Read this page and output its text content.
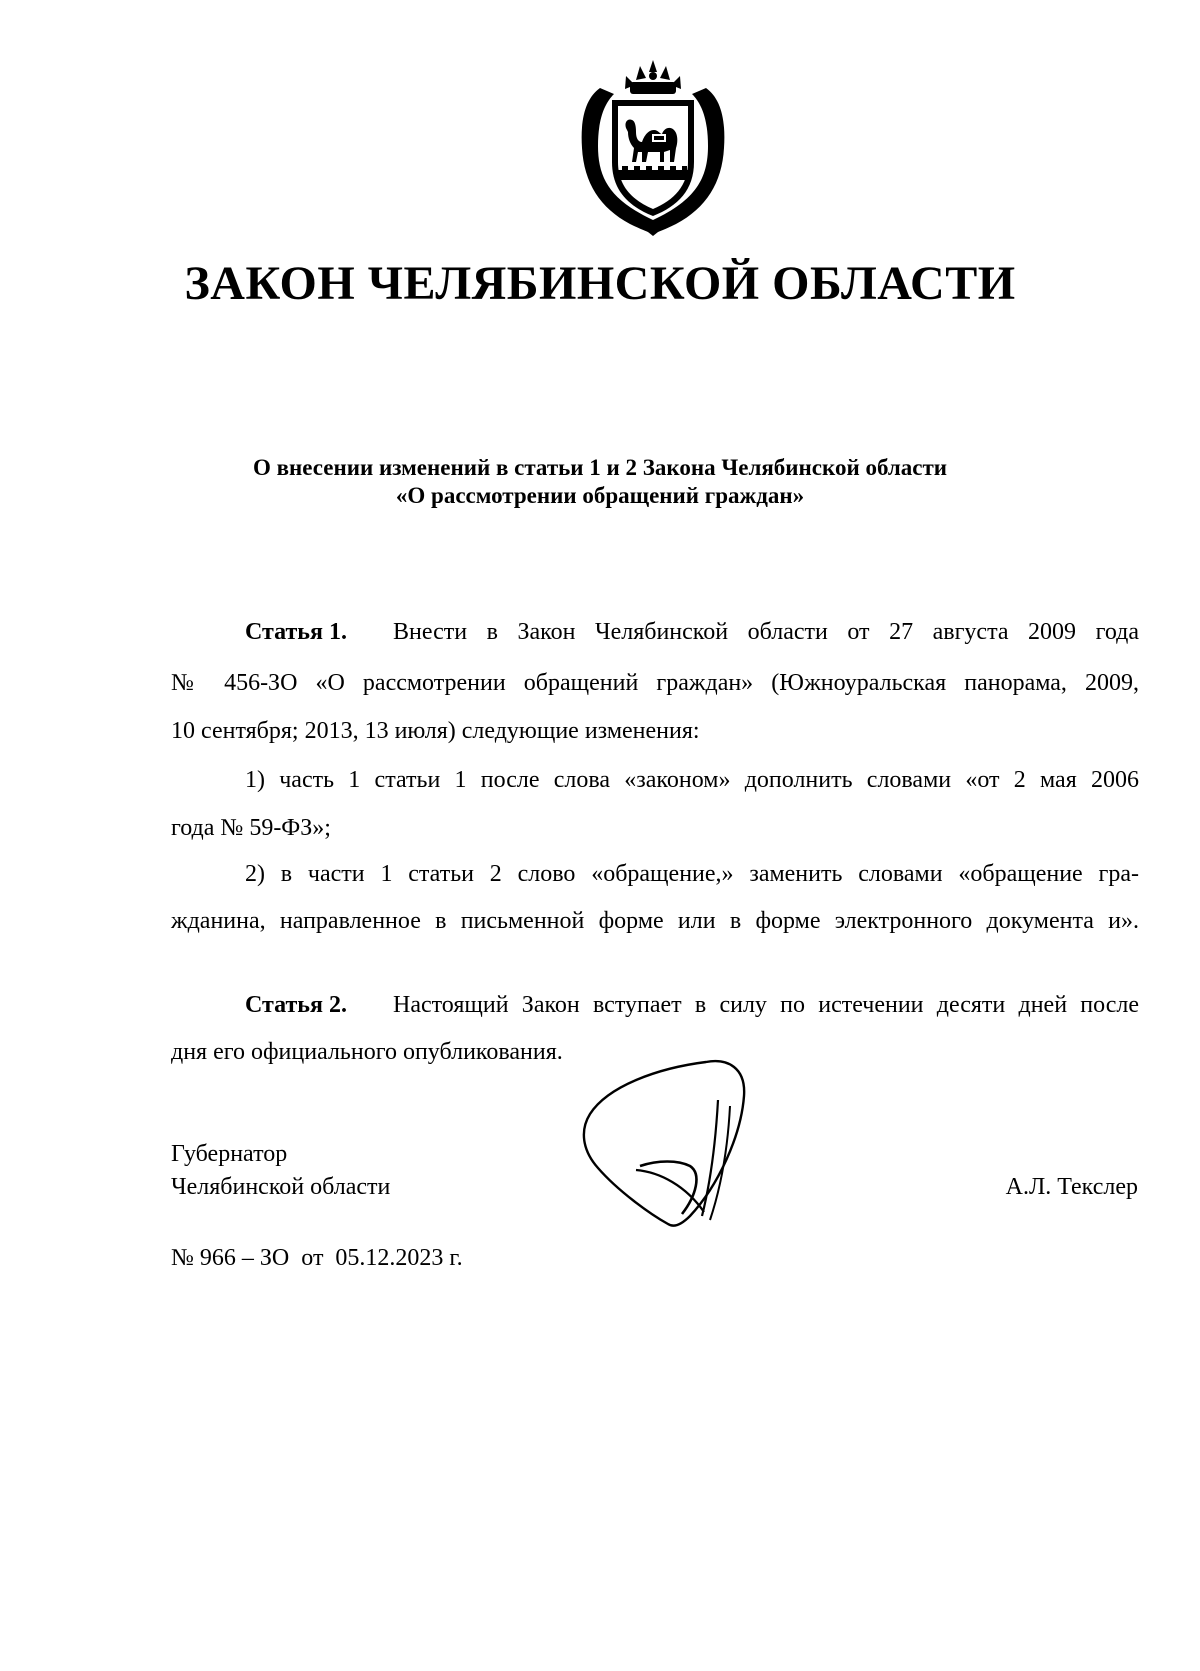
ЗАКОН ЧЕЛЯБИНСКОЙ ОБЛАСТИ
О внесении изменений в статьи 1 и 2 Закона Челябинской области
«О рассмотрении обращений граждан»
Статья 1. Внести в Закон Челябинской области от 27 августа 2009 года
№ 456-ЗО «О рассмотрении обращений граждан» (Южноуральская панорама, 2009,
10 сентября; 2013, 13 июля) следующие изменения:
1) часть 1 статьи 1 после слова «законом» дополнить словами «от 2 мая 2006
года № 59-ФЗ»;
2) в части 1 статьи 2 слово «обращение,» заменить словами «обращение гра-
жданина, направленное в письменной форме или в форме электронного документа и».
Статья 2. Настоящий Закон вступает в силу по истечении десяти дней после
дня его официального опубликования.
Губернатор
Челябинской области	А.Л. Текслер
№ 966 – ЗО  от  05.12.2023 г.
